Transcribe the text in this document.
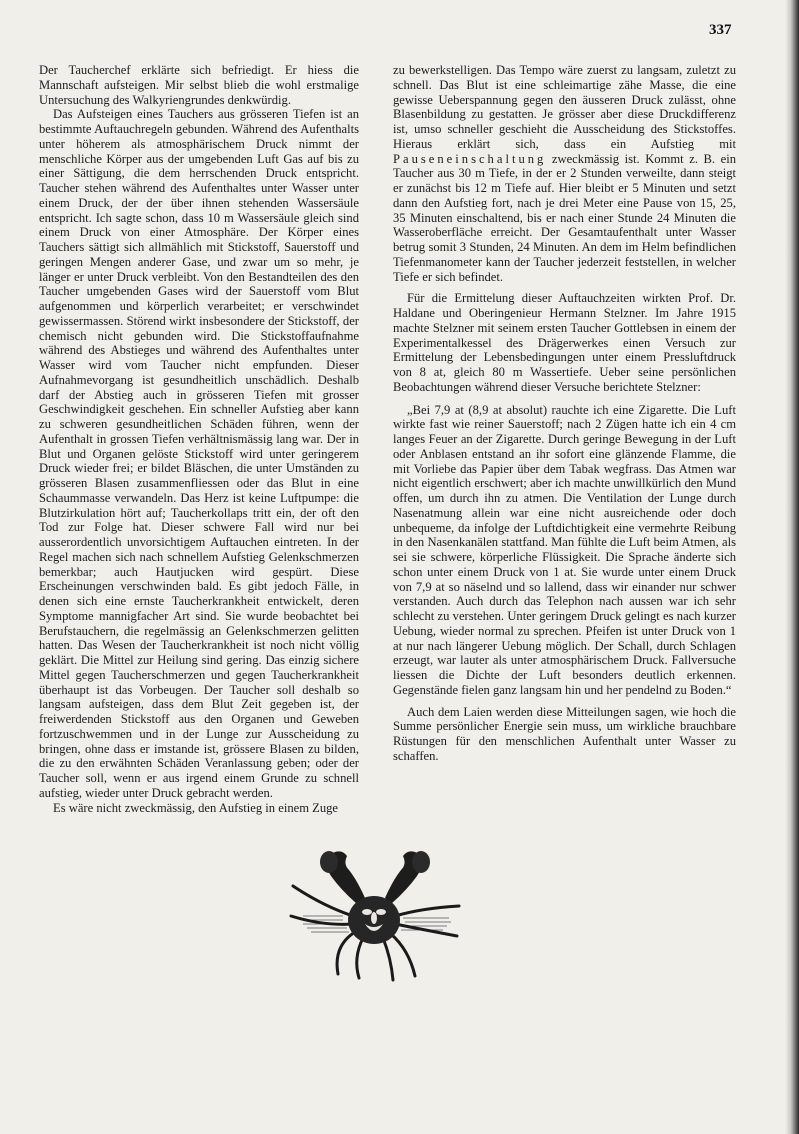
337

Der Taucherchef erklärte sich befriedigt. Er hiess die Mannschaft aufsteigen. Mir selbst blieb die wohl erstmalige Untersuchung des Walkyriengrundes denkwürdig.

Das Aufsteigen eines Tauchers aus grösseren Tiefen ist an bestimmte Auftauchregeln gebunden. Während des Aufenthalts unter höherem als atmosphärischem Druck nimmt der menschliche Körper aus der umgebenden Luft Gas auf bis zu einer Sättigung, die dem herrschenden Druck entspricht. Taucher stehen während des Aufenthaltes unter Wasser unter einem Druck, der der über ihnen stehenden Wassersäule entspricht. Ich sagte schon, dass 10 m Wassersäule gleich sind einem Druck von einer Atmosphäre. Der Körper eines Tauchers sättigt sich allmählich mit Stickstoff, Sauerstoff und geringen Mengen anderer Gase, und zwar um so mehr, je länger er unter Druck verbleibt. Von den Bestandteilen des den Taucher umgebenden Gases wird der Sauerstoff vom Blut aufgenommen und körperlich verarbeitet; er verschwindet gewissermassen. Störend wirkt insbesondere der Stickstoff, der chemisch nicht gebunden wird. Die Stickstoffaufnahme während des Abstieges und während des Aufenthaltes unter Wasser wird vom Taucher nicht empfunden. Dieser Aufnahmevorgang ist gesundheitlich unschädlich. Deshalb darf der Abstieg auch in grösseren Tiefen mit grosser Geschwindigkeit geschehen. Ein schneller Aufstieg aber kann zu schweren gesundheitlichen Schäden führen, wenn der Aufenthalt in grossen Tiefen verhältnismässig lang war. Der in Blut und Organen gelöste Stickstoff wird unter geringerem Druck wieder frei; er bildet Bläschen, die unter Umständen zu grösseren Blasen zusammenfliessen oder das Blut in eine Schaummasse verwandeln. Das Herz ist keine Luftpumpe: die Blutzirkulation hört auf; Taucherkollaps tritt ein, der oft den Tod zur Folge hat. Dieser schwere Fall wird nur bei ausserordentlich unvorsichtigem Auftauchen eintreten. In der Regel machen sich nach schnellem Aufstieg Gelenkschmerzen bemerkbar; auch Hautjucken wird gespürt. Diese Erscheinungen verschwinden bald. Es gibt jedoch Fälle, in denen sich eine ernste Taucherkrankheit entwickelt, deren Symptome mannigfacher Art sind. Sie wurde beobachtet bei Berufstauchern, die regelmässig an Gelenkschmerzen gelitten hatten. Das Wesen der Taucherkrankheit ist noch nicht völlig geklärt. Die Mittel zur Heilung sind gering. Das einzig sichere Mittel gegen Taucherschmerzen und gegen Taucherkrankheit überhaupt ist das Vorbeugen. Der Taucher soll deshalb so langsam aufsteigen, dass dem Blut Zeit gegeben ist, der freiwerdenden Stickstoff aus den Organen und Geweben fortzuschwemmen und in der Lunge zur Ausscheidung zu bringen, ohne dass er imstande ist, grössere Blasen zu bilden, die zu den erwähnten Schäden Veranlassung geben; oder der Taucher soll, wenn er aus irgend einem Grunde zu schnell aufstieg, wieder unter Druck gebracht werden.

Es wäre nicht zweckmässig, den Aufstieg in einem Zuge

zu bewerkstelligen. Das Tempo wäre zuerst zu langsam, zuletzt zu schnell. Das Blut ist eine schleimartige zähe Masse, die eine gewisse Ueberspannung gegen den äusseren Druck zulässt, ohne Blasenbildung zu gestatten. Je grösser aber diese Druckdifferenz ist, umso schneller geschieht die Ausscheidung des Stickstoffes. Hieraus erklärt sich, dass ein Aufstieg mit Pauseneinschaltung zweckmässig ist. Kommt z. B. ein Taucher aus 30 m Tiefe, in der er 2 Stunden verweilte, dann steigt er zunächst bis 12 m Tiefe auf. Hier bleibt er 5 Minuten und setzt dann den Aufstieg fort, nach je drei Meter eine Pause von 15, 25, 35 Minuten einschaltend, bis er nach einer Stunde 24 Minuten die Wasseroberfläche erreicht. Der Gesamtaufenthalt unter Wasser betrug somit 3 Stunden, 24 Minuten. An dem im Helm befindlichen Tiefenmanometer kann der Taucher jederzeit feststellen, in welcher Tiefe er sich befindet.

Für die Ermittelung dieser Auftauchzeiten wirkten Prof. Dr. Haldane und Oberingenieur Hermann Stelzner. Im Jahre 1915 machte Stelzner mit seinem ersten Taucher Gottlebsen in einem der Experimentalkessel des Drägerwerkes einen Versuch zur Ermittelung der Lebensbedingungen unter einem Pressluftdruck von 8 at, gleich 80 m Wassertiefe. Ueber seine persönlichen Beobachtungen während dieser Versuche berichtete Stelzner:

„Bei 7,9 at (8,9 at absolut) rauchte ich eine Zigarette. Die Luft wirkte fast wie reiner Sauerstoff; nach 2 Zügen hatte ich ein 4 cm langes Feuer an der Zigarette. Durch geringe Bewegung in der Luft oder Anblasen entstand an ihr sofort eine glänzende Flamme, die mit Vorliebe das Papier über dem Tabak wegfrass. Das Atmen war nicht eigentlich erschwert; aber ich machte unwillkürlich den Mund offen, um durch ihn zu atmen. Die Ventilation der Lunge durch Nasenatmung allein war eine nicht ausreichende oder doch unbequeme, da infolge der Luftdichtigkeit eine vermehrte Reibung in den Nasenkanälen stattfand. Man fühlte die Luft beim Atmen, als sei sie schwere, körperliche Flüssigkeit. Die Sprache änderte sich schon unter einem Druck von 1 at. Sie wurde unter einem Druck von 7,9 at so näselnd und so lallend, dass wir einander nur schwer verstanden. Auch durch das Telephon nach aussen war ich sehr schlecht zu verstehen. Unter geringem Druck gelingt es nach kurzer Uebung, wieder normal zu sprechen. Pfeifen ist unter Druck von 1 at nur nach längerer Uebung möglich. Der Schall, durch Schlagen erzeugt, war lauter als unter atmosphärischem Druck. Fallversuche liessen die Dichte der Luft besonders deutlich erkennen. Gegenstände fielen ganz langsam hin und her pendelnd zu Boden.“

Auch dem Laien werden diese Mitteilungen sagen, wie hoch die Summe persönlicher Energie sein muss, um wirkliche brauchbare Rüstungen für den menschlichen Aufenthalt unter Wasser zu schaffen.
